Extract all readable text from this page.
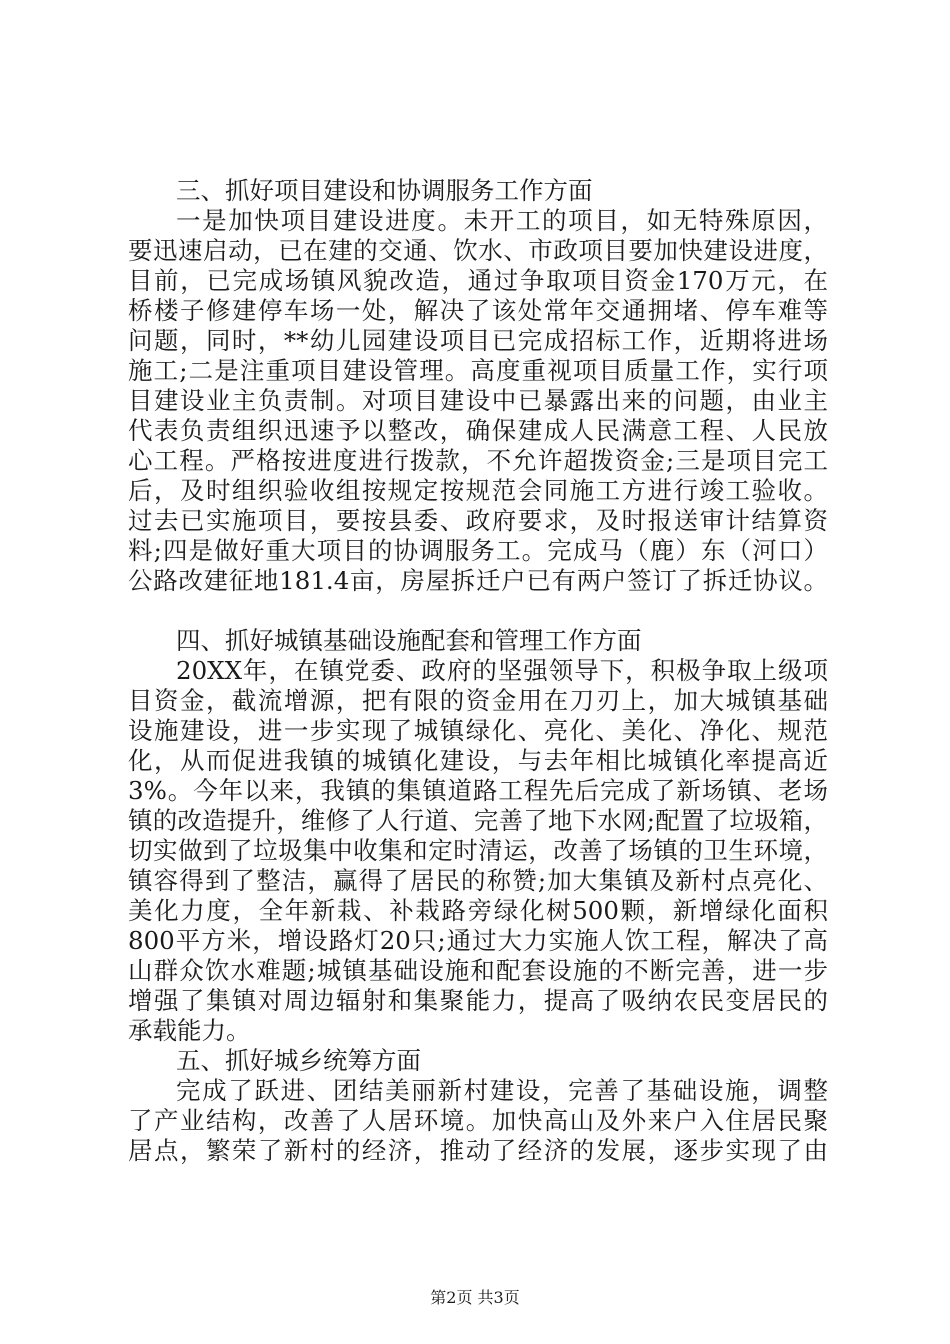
三、抓好项目建设和协调服务工作方面
一是加快项目建设进度。未开工的项目，如无特殊原因，
要迅速启动，已在建的交通、饮水、市政项目要加快建设进度，
目前，已完成场镇风貌改造，通过争取项目资金170万元，在
桥楼子修建停车场一处，解决了该处常年交通拥堵、停车难等
问题，同时，**幼儿园建设项目已完成招标工作，近期将进场
施工;二是注重项目建设管理。高度重视项目质量工作，实行项
目建设业主负责制。对项目建设中已暴露出来的问题，由业主
代表负责组织迅速予以整改，确保建成人民满意工程、人民放
心工程。严格按进度进行拨款，不允许超拨资金;三是项目完工
后，及时组织验收组按规定按规范会同施工方进行竣工验收。
过去已实施项目，要按县委、政府要求，及时报送审计结算资
料;四是做好重大项目的协调服务工。完成马（鹿）东（河口）
公路改建征地181.4亩，房屋拆迁户已有两户签订了拆迁协议。
四、抓好城镇基础设施配套和管理工作方面
20XX年，在镇党委、政府的坚强领导下，积极争取上级项
目资金，截流增源，把有限的资金用在刀刃上，加大城镇基础
设施建设，进一步实现了城镇绿化、亮化、美化、净化、规范
化，从而促进我镇的城镇化建设，与去年相比城镇化率提高近
3%。今年以来，我镇的集镇道路工程先后完成了新场镇、老场
镇的改造提升，维修了人行道、完善了地下水网;配置了垃圾箱，
切实做到了垃圾集中收集和定时清运，改善了场镇的卫生环境，
镇容得到了整洁，赢得了居民的称赞;加大集镇及新村点亮化、
美化力度，全年新栽、补栽路旁绿化树500颗，新增绿化面积
800平方米，增设路灯20只;通过大力实施人饮工程，解决了高
山群众饮水难题;城镇基础设施和配套设施的不断完善，进一步
增强了集镇对周边辐射和集聚能力，提高了吸纳农民变居民的
承载能力。
五、抓好城乡统筹方面
完成了跃进、团结美丽新村建设，完善了基础设施，调整
了产业结构，改善了人居环境。加快高山及外来户入住居民聚
居点，繁荣了新村的经济，推动了经济的发展，逐步实现了由
第2页 共3页
